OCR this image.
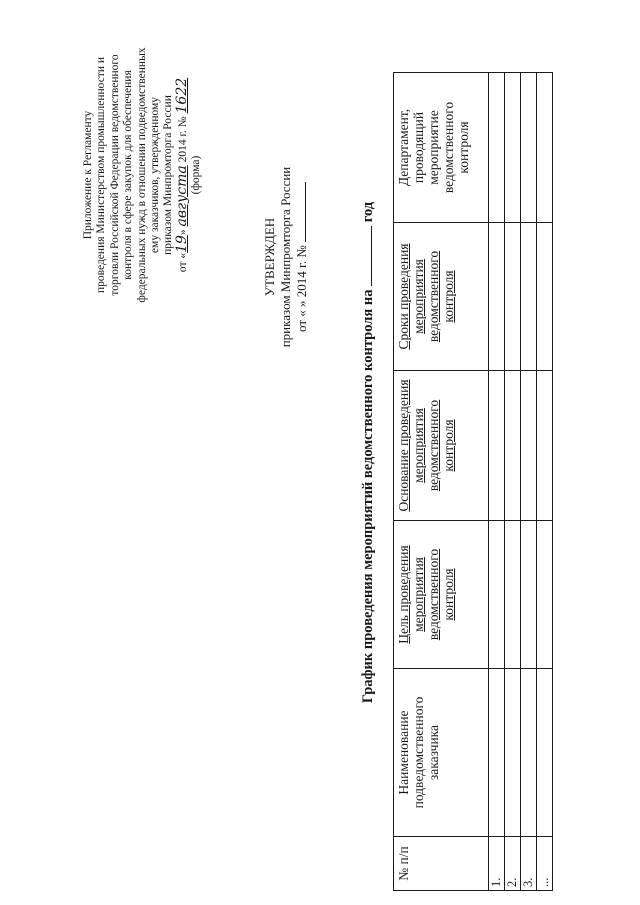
Приложение к Регламенту проведения Министерством промышленности и торговли Российской Федерации ведомственного контроля в сфере закупок для обеспечения федеральных нужд в отношении подведомственных ему заказчиков, утвержденному приказом Минпромторга России
от «19» августа 2014 г. № 1622
(форма)
УТВЕРЖДЕН приказом Минпромторга России от « » 2014 г. №
График проведения мероприятий ведомственного контроля на  год
№ п/п	Наименование подведомственного заказчика	Цель проведения мероприятия ведомственного контроля	Основание проведения мероприятия ведомственного контроля	Сроки проведения мероприятия ведомственного контроля	Департамент, проводящий мероприятие ведомственного контроля
1.					
2.					
3.					
...					
